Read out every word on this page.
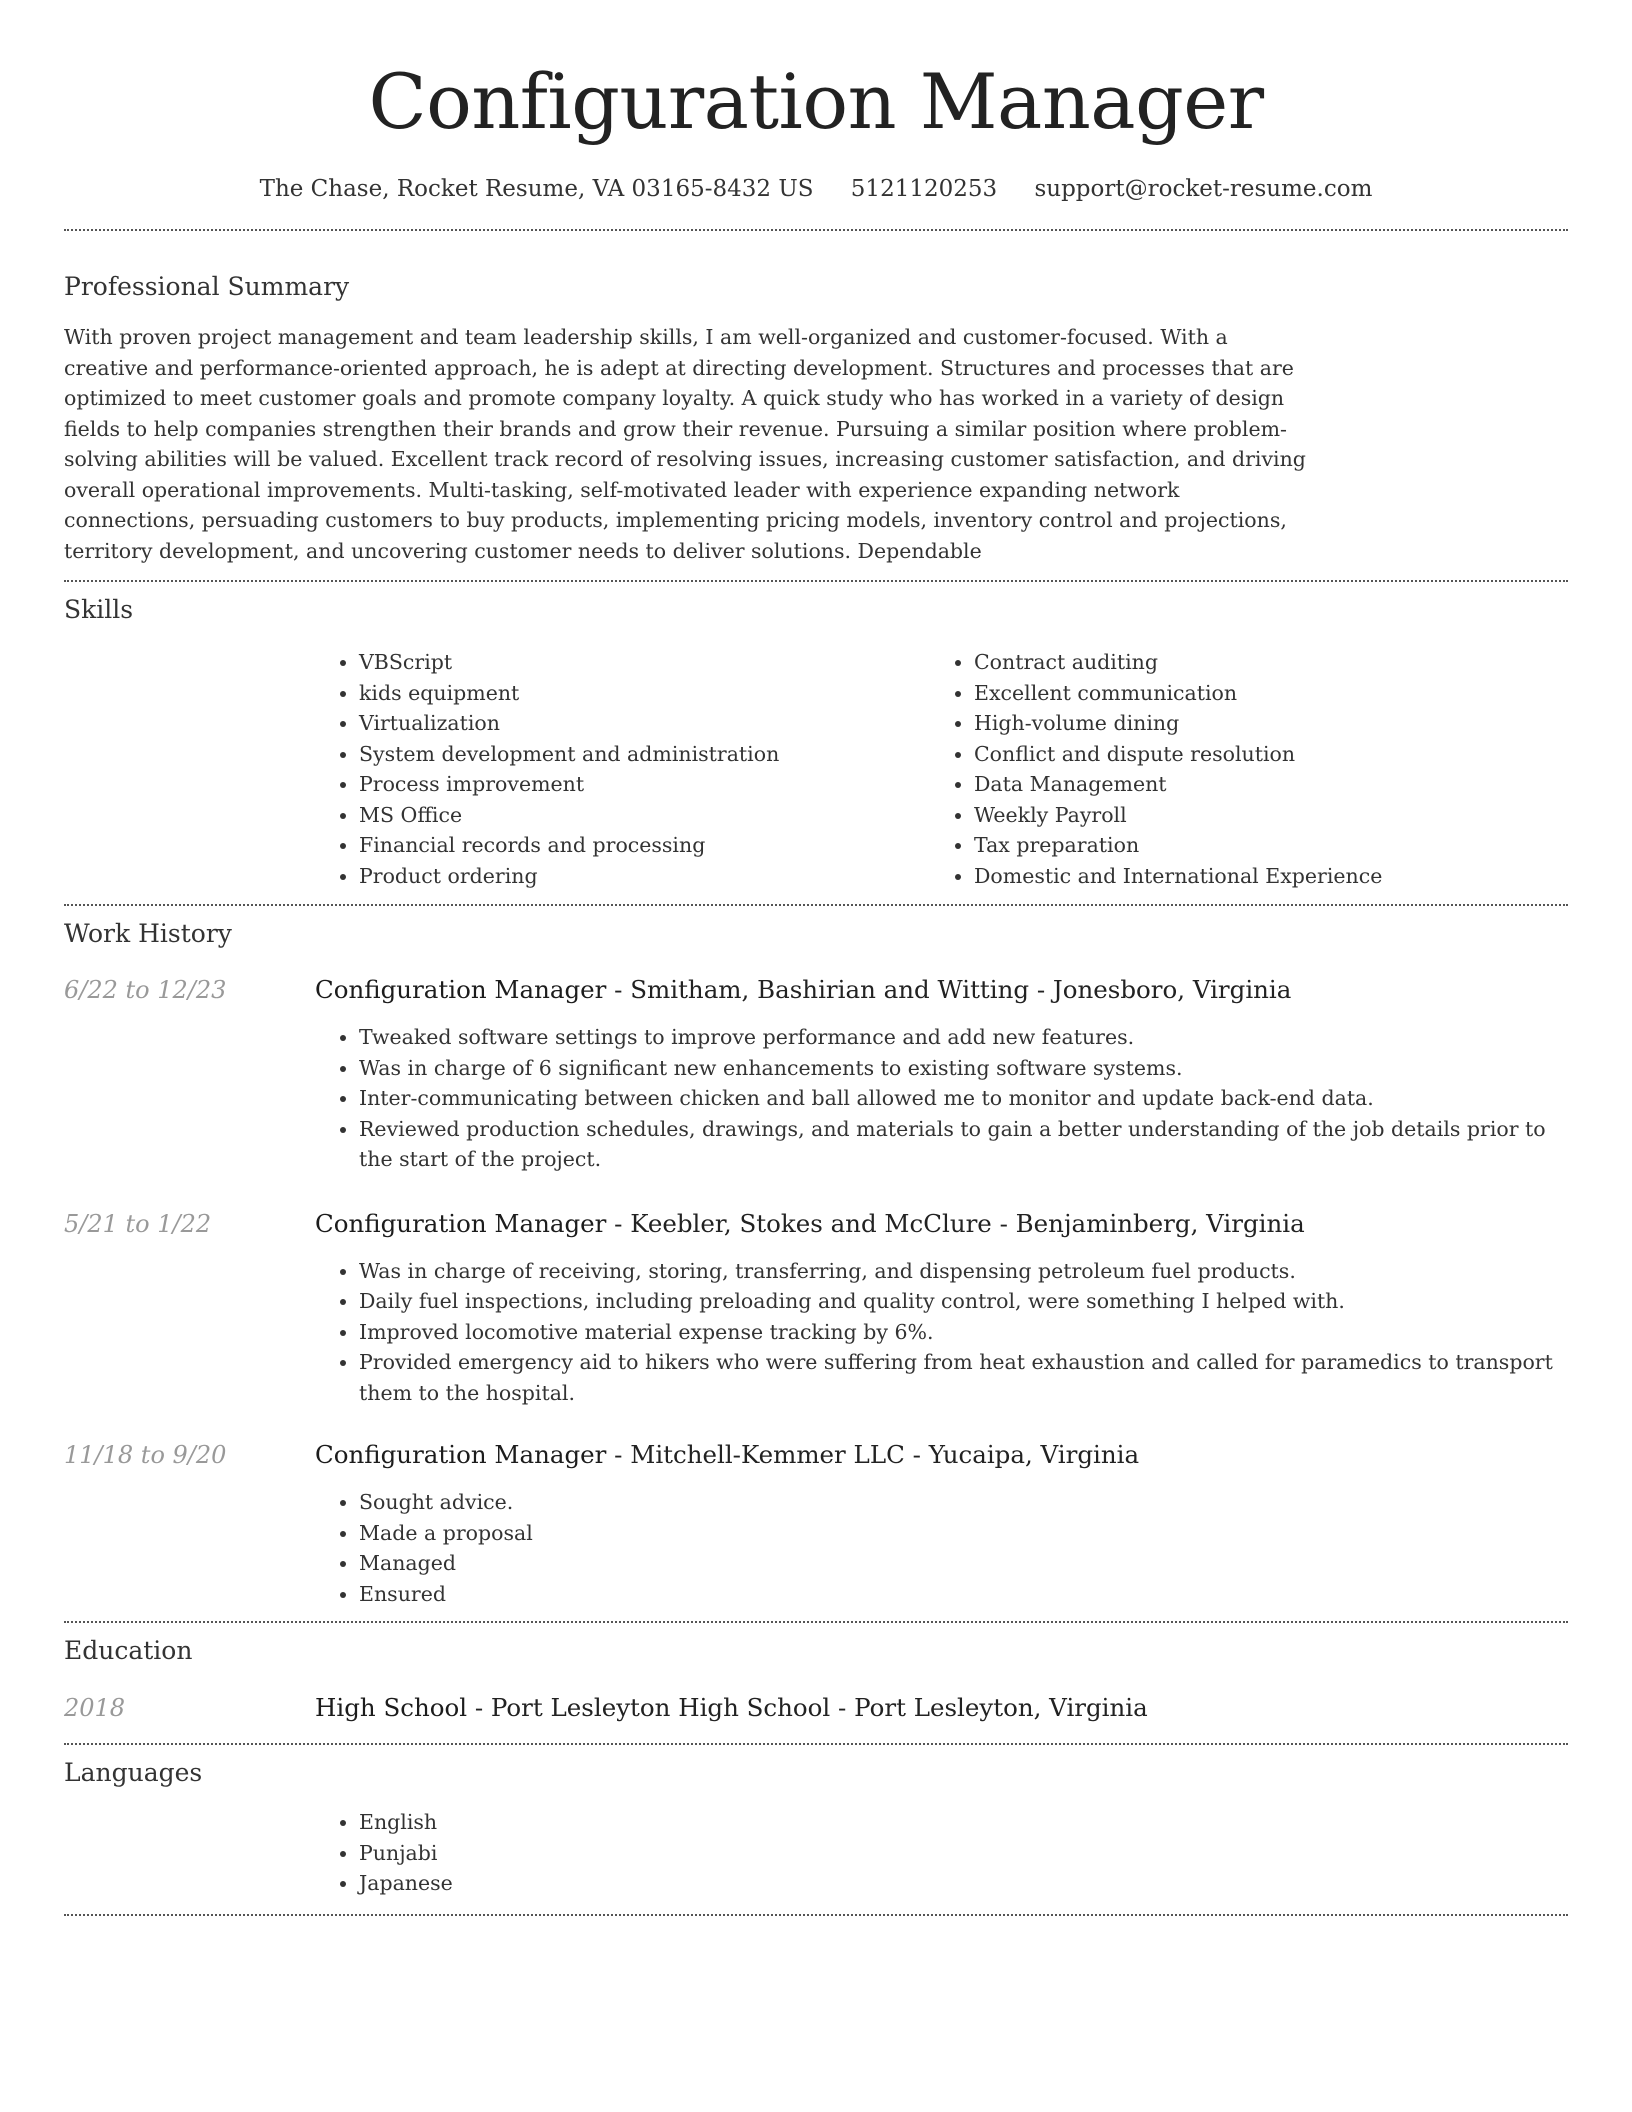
Configuration Manager
The Chase, Rocket Resume, VA 03165-8432 US 5121120253 support@rocket-resume.com
Professional Summary

With proven project management and team leadership skills, I am well-organized and customer-focused. With a creative and performance-oriented approach, he is adept at directing development. Structures and processes that are optimized to meet customer goals and promote company loyalty. A quick study who has worked in a variety of design fields to help companies strengthen their brands and grow their revenue. Pursuing a similar position where problem-solving abilities will be valued. Excellent track record of resolving issues, increasing customer satisfaction, and driving overall operational improvements. Multi-tasking, self-motivated leader with experience expanding network connections, persuading customers to buy products, implementing pricing models, inventory control and projections, territory development, and uncovering customer needs to deliver solutions. Dependable

Skills
• VBScript
• kids equipment
• Virtualization
• System development and administration
• Process improvement
• MS Office
• Financial records and processing
• Product ordering
• Contract auditing
• Excellent communication
• High-volume dining
• Conflict and dispute resolution
• Data Management
• Weekly Payroll
• Tax preparation
• Domestic and International Experience
Work History
6/22 to 12/23	Configuration Manager - Smitham, Bashirian and Witting - Jonesboro, Virginia
• Tweaked software settings to improve performance and add new features.
• Was in charge of 6 significant new enhancements to existing software systems.
• Inter-communicating between chicken and ball allowed me to monitor and update back-end data.
• Reviewed production schedules, drawings, and materials to gain a better understanding of the job details prior to the start of the project.
5/21 to 1/22	Configuration Manager - Keebler, Stokes and McClure - Benjaminberg, Virginia
• Was in charge of receiving, storing, transferring, and dispensing petroleum fuel products.
• Daily fuel inspections, including preloading and quality control, were something I helped with.
• Improved locomotive material expense tracking by 6%.
• Provided emergency aid to hikers who were suffering from heat exhaustion and called for paramedics to transport them to the hospital.
11/18 to 9/20	Configuration Manager - Mitchell-Kemmer LLC - Yucaipa, Virginia
• Sought advice.
• Made a proposal
• Managed
• Ensured
Education
2018	High School - Port Lesleyton High School - Port Lesleyton, Virginia
Languages
• English
• Punjabi
• Japanese
